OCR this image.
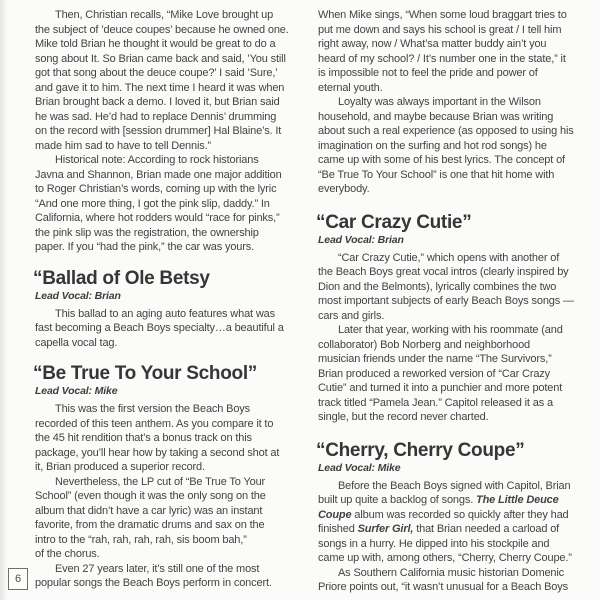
Then, Christian recalls, “Mike Love brought up
the subject of ’deuce coupes’ because he owned one.
Mike told Brian he thought it would be great to do a
song about It. So Brian came back and said, ’You still
got that song about the deuce coupe?’ I said ’Sure,’
and gave it to him. The next time I heard it was when
Brian brought back a demo. I loved it, but Brian said
he was sad. He’d had to replace Dennis’ drumming
on the record with [session drummer] Hal Blaine’s. It
made him sad to have to tell Dennis.”

Historical note: According to rock historians
Javna and Shannon, Brian made one major addition
to Roger Christian’s words, coming up with the lyric
“And one more thing, I got the pink slip, daddy.” In
California, where hot rodders would “race for pinks,”
the pink slip was the registration, the ownership
paper. If you “had the pink,” the car was yours.

“Ballad of Ole Betsy
Lead Vocal: Brian

This ballad to an aging auto features what was
fast becoming a Beach Boys specialty…a beautiful a
capella vocal tag.

“Be True To Your School”
Lead Vocal: Mike

This was the first version the Beach Boys
recorded of this teen anthem. As you compare it to
the 45 hit rendition that’s a bonus track on this
package, you’ll hear how by taking a second shot at
it, Brian produced a superior record.

Nevertheless, the LP cut of “Be True To Your
School” (even though it was the only song on the
album that didn’t have a car lyric) was an instant
favorite, from the dramatic drums and sax on the
intro to the “rah, rah, rah, rah, sis boom bah,”
of the chorus.

Even 27 years later, it’s still one of the most
popular songs the Beach Boys perform in concert.

When Mike sings, “When some loud braggart tries to
put me down and says his school is great / I tell him
right away, now / What’sa matter buddy ain’t you
heard of my school? / It’s number one in the state,” it
is impossible not to feel the pride and power of
eternal youth.

Loyalty was always important in the Wilson
household, and maybe because Brian was writing
about such a real experience (as opposed to using his
imagination on the surfing and hot rod songs) he
came up with some of his best lyrics. The concept of
“Be True To Your School” is one that hit home with
everybody.

“Car Crazy Cutie”
Lead Vocal: Brian

“Car Crazy Cutie,” which opens with another of
the Beach Boys great vocal intros (clearly inspired by
Dion and the Belmonts), lyrically combines the two
most important subjects of early Beach Boys songs —
cars and girls.

Later that year, working with his roommate (and
collaborator) Bob Norberg and neighborhood
musician friends under the name “The Survivors,”
Brian produced a reworked version of “Car Crazy
Cutie” and turned it into a punchier and more potent
track titled “Pamela Jean.” Capitol released it as a
single, but the record never charted.

“Cherry, Cherry Coupe”
Lead Vocal: Mike

Before the Beach Boys signed with Capitol, Brian
built up quite a backlog of songs. The Little Deuce
Coupe album was recorded so quickly after they had
finished Surfer Girl, that Brian needed a carload of
songs in a hurry. He dipped into his stockpile and
came up with, among others, “Cherry, Cherry Coupe.”

As Southern California music historian Domenic
Priore points out, “it wasn’t unusual for a Beach Boys

6
